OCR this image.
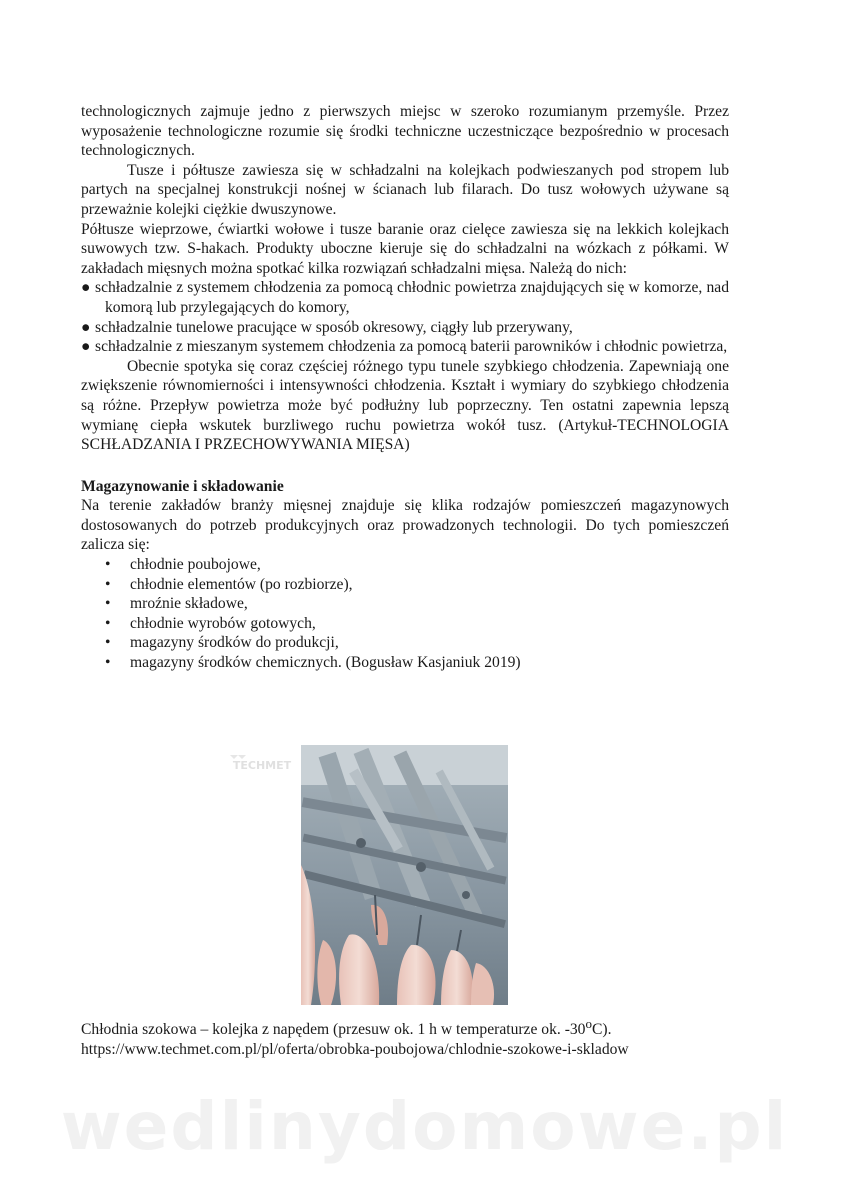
technologicznych zajmuje jedno z pierwszych miejsc w szeroko rozumianym przemyśle. Przez wyposażenie technologiczne rozumie się środki techniczne uczestniczące bezpośrednio w procesach technologicznych.

Tusze i półtusze zawiesza się w schładzalni na kolejkach podwieszanych pod stropem lub partych na specjalnej konstrukcji nośnej w ścianach lub filarach. Do tusz wołowych używane są przeważnie kolejki ciężkie dwuszynowe.

Półtusze wieprzowe, ćwiartki wołowe i tusze baranie oraz cielęce zawiesza się na lekkich kolejkach suwowych tzw. S-hakach. Produkty uboczne kieruje się do schładzalni na wózkach z półkami. W zakładach mięsnych można spotkać kilka rozwiązań schładzalni mięsa. Należą do nich:

● schładzalnie z systemem chłodzenia za pomocą chłodnic powietrza znajdujących się w komorze, nad komorą lub przylegających do komory,
● schładzalnie tunelowe pracujące w sposób okresowy, ciągły lub przerywany,
● schładzalnie z mieszanym systemem chłodzenia za pomocą baterii parowników i chłodnic powietrza,

Obecnie spotyka się coraz częściej różnego typu tunele szybkiego chłodzenia. Zapewniają one zwiększenie równomierności i intensywności chłodzenia. Kształt i wymiary do szybkiego chłodzenia są różne. Przepływ powietrza może być podłużny lub poprzeczny. Ten ostatni zapewnia lepszą wymianę ciepła wskutek burzliwego ruchu powietrza wokół tusz. (Artykuł-TECHNOLOGIA SCHŁADZANIA I PRZECHOWYWANIA MIĘSA)

Magazynowanie i składowanie

Na terenie zakładów branży mięsnej znajduje się klika rodzajów pomieszczeń magazynowych dostosowanych do potrzeb produkcyjnych oraz prowadzonych technologii. Do tych pomieszczeń zalicza się:

• chłodnie poubojowe,
• chłodnie elementów (po rozbiorze),
• mroźnie składowe,
• chłodnie wyrobów gotowych,
• magazyny środków do produkcji,
• magazyny środków chemicznych. (Bogusław Kasjaniuk 2019)
TECHMET
Chłodnia szokowa – kolejka z napędem (przesuw ok. 1 h w temperaturze ok. -30$^o$C).
https://www.techmet.com.pl/pl/oferta/obrobka-poubojowa/chlodnie-szokowe-i-skladow
wedlinydomowe.pl
